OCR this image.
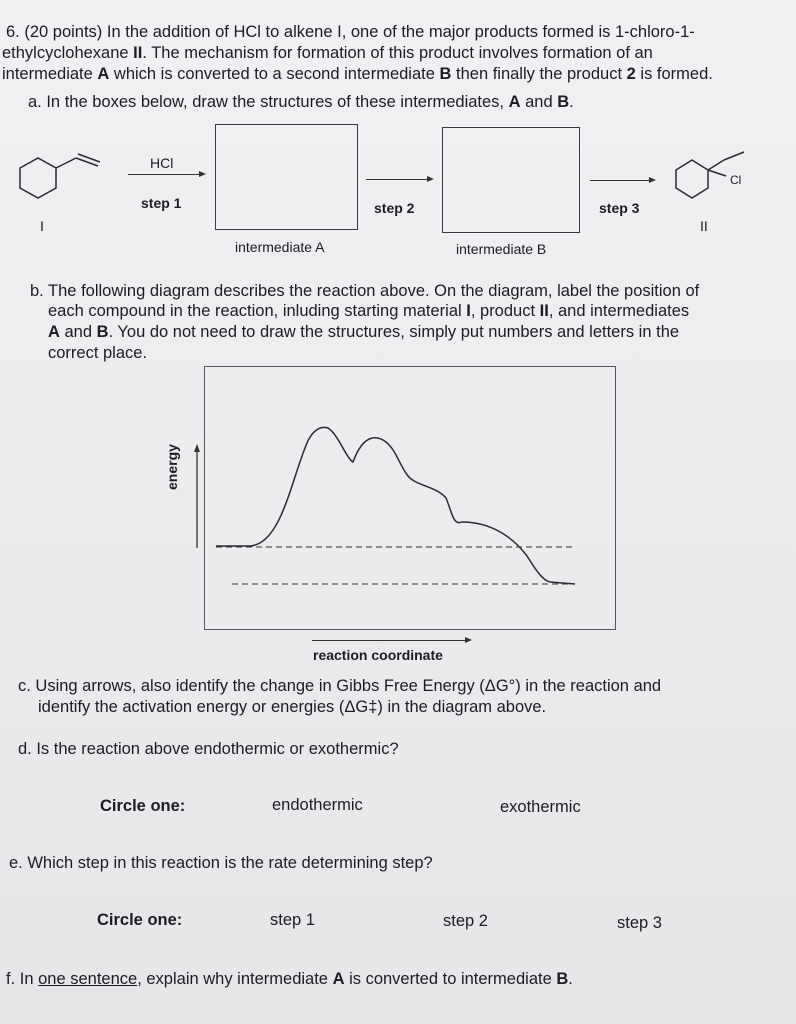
6. (20 points) In the addition of HCl to alkene I, one of the major products formed is 1-chloro-1-
ethylcyclohexane II. The mechanism for formation of this product involves formation of an
intermediate A which is converted to a second intermediate B then finally the product 2 is formed.
a. In the boxes below, draw the structures of these intermediates, A and B.
I
HCl
step 1
intermediate A
step 2
intermediate B
step 3
Cl
II
b. The following diagram describes the reaction above. On the diagram, label the position of
each compound in the reaction, inluding starting material I, product II, and intermediates
A and B. You do not need to draw the structures, simply put numbers and letters in the
correct place.
energy
reaction coordinate
c. Using arrows, also identify the change in Gibbs Free Energy (ΔG°) in the reaction and
identify the activation energy or energies (ΔG‡) in the diagram above.
d. Is the reaction above endothermic or exothermic?
Circle one:	endothermic	exothermic
e. Which step in this reaction is the rate determining step?
Circle one:	step 1	step 2	step 3
f. In one sentence, explain why intermediate A is converted to intermediate B.
